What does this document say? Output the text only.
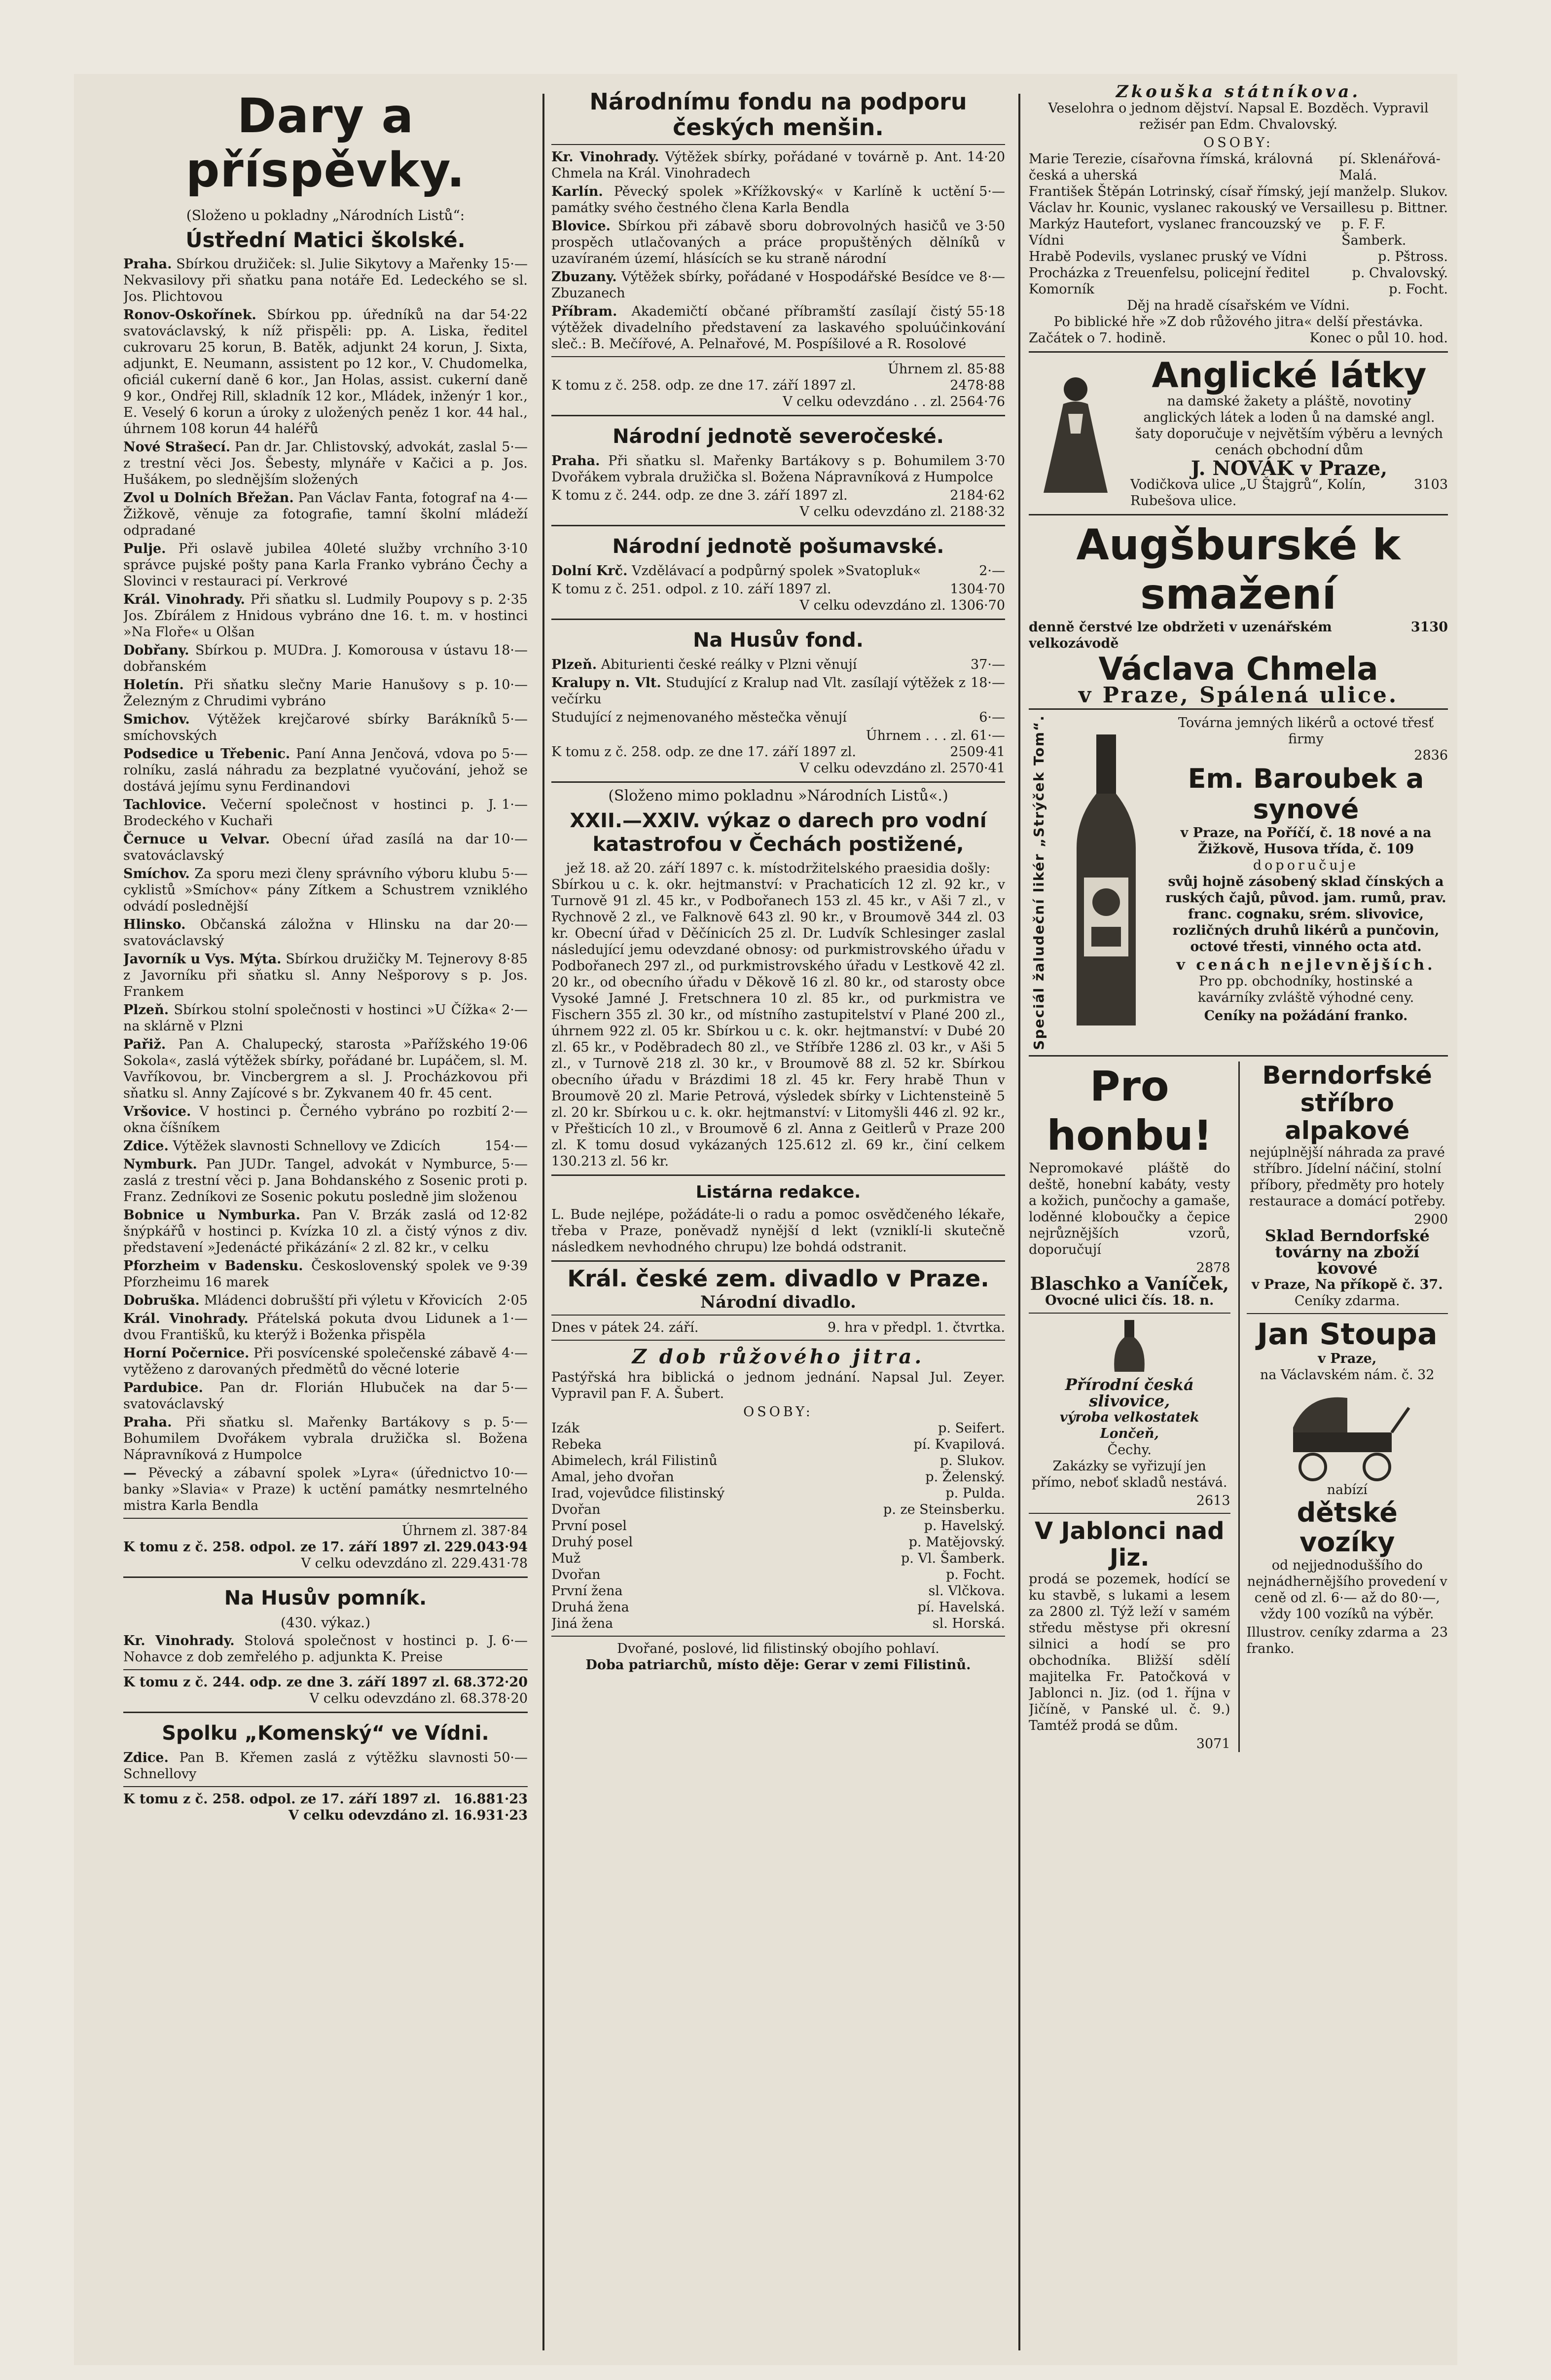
Dary a příspěvky.
(Složeno u pokladny „Národních Listů“:
Ústřední Matici školské.

15·—
Praha. Sbírkou družiček: sl. Julie Sikytovy a Mařenky Nekvasilovy při sňatku pana notáře Ed. Ledeckého se sl. Jos. Plichtovou

54·22
Ronov-Oskořínek. Sbírkou pp. úředníků na dar svatováclavský, k níž přispěli: pp. A. Liska, ředitel cukrovaru 25 korun, B. Batěk, adjunkt 24 korun, J. Sixta, adjunkt, E. Neumann, assistent po 12 kor., V. Chudomelka, oficiál cukerní daně 6 kor., Jan Holas, assist. cukerní daně 9 kor., Ondřej Rill, skladník 12 kor., Mládek, inženýr 1 kor., E. Veselý 6 korun a úroky z uložených peněz 1 kor. 44 hal., úhrnem 108 korun 44 haléřů

5·—
Nové Strašecí. Pan dr. Jar. Chlistovský, advokát, zaslal z trestní věci Jos. Šebesty, mlynáře v Kačici a p. Jos. Hušákem, po slednějším složených

4·—
Zvol u Dolních Břežan. Pan Václav Fanta, fotograf na Žižkově, věnuje za fotografie, tamní školní mládeží odpradané

3·10
Pulje. Při oslavě jubilea 40leté služby vrchního správce pujské pošty pana Karla Franko vybráno Čechy a Slovinci v restauraci pí. Verkrové

2·35
Král. Vinohrady. Při sňatku sl. Ludmily Poupovy s p. Jos. Zbírálem z Hnidous vybráno dne 16. t. m. v hostinci »Na Floře« u Olšan

18·—
Dobřany. Sbírkou p. MUDra. J. Komorousa v ústavu dobřanském

10·—
Holetín. Při sňatku slečny Marie Hanušovy s p. Železným z Chrudimi vybráno

5·—
Smichov. Výtěžek krejčarové sbírky Barákníků smíchovských

5·—
Podsedice u Třebenic. Paní Anna Jenčová, vdova po rolníku, zaslá náhradu za bezplatné vyučování, jehož se dostává jejímu synu Ferdinandovi

1·—
Tachlovice. Večerní společnost v hostinci p. J. Brodeckého v Kuchaři

10·—
Černuce u Velvar. Obecní úřad zasílá na dar svatováclavský

5·—
Smíchov. Za sporu mezi členy správního výboru klubu cyklistů »Smíchov« pány Zítkem a Schustrem vzniklého odvádí poslednější

20·—
Hlinsko. Občanská záložna v Hlinsku na dar svatováclavský

8·85
Javorník u Vys. Mýta. Sbírkou družičky M. Tejnerovy z Javorníku při sňatku sl. Anny Nešporovy s p. Jos. Frankem

2·—
Plzeň. Sbírkou stolní společnosti v hostinci »U Čížka« na sklárně v Plzni

19·06
Pařiž. Pan A. Chalupecký, starosta »Pařížského Sokola«, zaslá výtěžek sbírky, pořádané br. Lupáčem, sl. M. Vavříkovou, br. Vincbergrem a sl. J. Procházkovou při sňatku sl. Anny Zajícové s br. Zykvanem 40 fr. 45 cent.

2·—
Vršovice. V hostinci p. Černého vybráno po rozbití okna číšníkem

154·—
Zdice. Výtěžek slavnosti Schnellovy ve Zdicích

5·—
Nymburk. Pan JUDr. Tangel, advokát v Nymburce, zaslá z trestní věci p. Jana Bohdanského z Sosenic proti p. Franz. Zedníkovi ze Sosenic pokutu posledně jim složenou

12·82
Bobnice u Nymburka. Pan V. Brzák zaslá od šnýpkářů v hostinci p. Kvízka 10 zl. a čistý výnos z div. představení »Jedenácté přikázání« 2 zl. 82 kr., v celku

9·39
Pforzheim v Badensku. Československý spolek ve Pforzheimu 16 marek

2·05
Dobruška. Mládenci dobrušští při výletu v Křovicích

1·—
Král. Vinohrady. Přátelská pokuta dvou Lidunek a dvou Františků, ku kterýž i Boženka přispěla

4·—
Horní Počernice. Při posvícenské společenské zábavě vytěženo z darovaných předmětů do věcné loterie

5·—
Pardubice. Pan dr. Florián Hlubuček na dar svatováclavský

5·—
Praha. Při sňatku sl. Mařenky Bartákovy s p. Bohumilem Dvořákem vybrala družička sl. Božena Nápravníková z Humpolce

10·—
— Pěvecký a zábavní spolek »Lyra« (úřednictvo banky »Slavia« v Praze) k uctění památky nesmrtelného mistra Karla Bendla

Úhrnem zl. 387·84
K tomu z č. 258. odpol. ze 17. září 1897 zl. 229.043·94
V celku odevzdáno zl. 229.431·78
Na Husův pomník.
(430. výkaz.)

6·—
Kr. Vinohrady. Stolová společnost v hostinci p. J. Nohavce z dob zemřelého p. adjunkta K. Preise

K tomu z č. 244. odp. ze dne 3. září 1897 zl. 68.372·20
V celku odevzdáno zl. 68.378·20
Spolku „Komenský“ ve Vídni.

50·—
Zdice. Pan B. Křemen zaslá z výtěžku slavnosti Schnellovy

K tomu z č. 258. odpol. ze 17. září 1897 zl. 16.881·23
V celku odevzdáno zl. 16.931·23
Národnímu fondu na podporu českých menšin.

14·20
Kr. Vinohrady. Výtěžek sbírky, pořádané v továrně p. Ant. Chmela na Král. Vinohradech

5·—
Karlín. Pěvecký spolek »Křížkovský« v Karlíně k uctění památky svého čestného člena Karla Bendla

3·50
Blovice. Sbírkou při zábavě sboru dobrovolných hasičů ve prospěch utlačovaných a práce propuštěných dělníků v uzavíraném území, hlásících se ku straně národní

8·—
Zbuzany. Výtěžek sbírky, pořádané v Hospodářské Besídce ve Zbuzanech

55·18
Příbram. Akademičtí občané příbramští zasílají čistý výtěžek divadelního představení za laskavého spoluúčinkování sleč.: B. Mečířové, A. Pelnařové, M. Pospíšilové a R. Rosolové

Úhrnem zl. 85·88
K tomu z č. 258. odp. ze dne 17. září 1897 zl.	2478·88
V celku odevzdáno . . zl. 2564·76
Národní jednotě severočeské.

3·70
Praha. Při sňatku sl. Mařenky Bartákovy s p. Bohumilem Dvořákem vybrala družička sl. Božena Nápravníková z Humpolce

K tomu z č. 244. odp. ze dne 3. září 1897 zl.	2184·62
V celku odevzdáno zl. 2188·32
Národní jednotě pošumavské.

2·—
Dolní Krč. Vzdělávací a podpůrný spolek »Svatopluk«

K tomu z č. 251. odpol. z 10. září 1897 zl.	1304·70
V celku odevzdáno zl. 1306·70
Na Husův fond.

37·—
Plzeň. Abiturienti české reálky v Plzni věnují

18·—
Kralupy n. Vlt. Studující z Kralup nad Vlt. zasílají výtěžek z večírku

6·—
Studující z nejmenovaného městečka věnují

Úhrnem . . . zl. 61·—
K tomu z č. 258. odp. ze dne 17. září 1897 zl.	2509·41
V celku odevzdáno zl. 2570·41
(Složeno mimo pokladnu »Národních Listů«.)
XXII.—XXIV. výkaz o darech pro vodní katastrofou v Čechách postižené,
jež 18. až 20. září 1897 c. k. místodržitelského praesidia došly:

Sbírkou u c. k. okr. hejtmanství: v Prachaticích 12 zl. 92 kr., v Turnově 91 zl. 45 kr., v Podbořanech 153 zl. 45 kr., v Aši 7 zl., v Rychnově 2 zl., ve Falknově 643 zl. 90 kr., v Broumově 344 zl. 03 kr. Obecní úřad v Děčínicích 25 zl. Dr. Ludvík Schlesinger zaslal následující jemu odevzdané obnosy: od purkmistrovského úřadu v Podbořanech 297 zl., od purkmistrovského úřadu v Lestkově 42 zl. 20 kr., od obecního úřadu v Děkově 16 zl. 80 kr., od starosty obce Vysoké Jamné J. Fretschnera 10 zl. 85 kr., od purkmistra ve Fischern 355 zl. 30 kr., od místního zastupitelství v Plané 200 zl., úhrnem 922 zl. 05 kr. Sbírkou u c. k. okr. hejtmanství: v Dubé 20 zl. 65 kr., v Poděbradech 80 zl., ve Stříbře 1286 zl. 03 kr., v Aši 5 zl., v Turnově 218 zl. 30 kr., v Broumově 88 zl. 52 kr. Sbírkou obecního úřadu v Brázdimi 18 zl. 45 kr. Fery hrabě Thun v Broumově 20 zl. Marie Petrová, výsledek sbírky v Lichtensteině 5 zl. 20 kr. Sbírkou u c. k. okr. hejtmanství: v Litomyšli 446 zl. 92 kr., v Přešticích 10 zl., v Broumově 6 zl. Anna z Geitlerů v Praze 200 zl. K tomu dosud vykázaných 125.612 zl. 69 kr., činí celkem 130.213 zl. 56 kr.

Listárna redakce.

L. Bude nejlépe, požádáte-li o radu a pomoc osvědčeného lékaře, třeba v Praze, poněvadž nynější d lekt (vzniklí-li skutečně následkem nevhodného chrupu) lze bohdá odstranit.

Král. české zem. divadlo v Praze.
Národní divadlo.
Dnes v pátek 24. září.	9. hra v předpl. 1. čtvrtka.
Z dob růžového jitra.

Pastýřská hra biblická o jednom jednání. Napsal Jul. Zeyer. Vypravil pan F. A. Šubert.

OSOBY:
Izák	p. Seifert.
Rebeka	pí. Kvapilová.
Abimelech, král Filistinů	p. Slukov.
Amal, jeho dvořan	p. Želenský.
Irad, vojevůdce filistinský	p. Pulda.
Dvořan	p. ze Steinsberku.
První posel	p. Havelský.
Druhý posel	p. Matějovský.
Muž	p. Vl. Šamberk.
Dvořan	p. Focht.
První žena	sl. Vlčkova.
Druhá žena	pí. Havelská.
Jiná žena	sl. Horská.
Dvořané, poslové, lid filistinský obojího pohlaví.
Doba patriarchů, místo děje: Gerar v zemi Filistinů.
Zkouška státníkova.

Veselohra o jednom dějství. Napsal E. Bozděch. Vypravil režisér pan Edm. Chvalovský.

OSOBY:
Marie Terezie, císařovna římská, královná česká a uherská
pí. Sklenářová-Malá.
František Štěpán Lotrinský, císař římský, její manžel p. Slukov.
Václav hr. Kounic, vyslanec rakouský ve Versaillesu p. Bittner.
Markýz Hautefort, vyslanec francouzský ve Vídni
p. F. F. Šamberk.
Hrabě Podevils, vyslanec pruský ve Vídni	p. Pštross.
Procházka z Treuenfelsu, policejní ředitel	p. Chvalovský.
Komorník	p. Focht.
Děj na hradě císařském ve Vídni.
Po biblické hře »Z dob růžového jitra« delší přestávka.
Začátek o 7. hodině.	Konec o půl 10. hod.
Anglické látky

na damské žakety a pláště, novotiny anglických látek a loden ů na damské angl. šaty doporučuje v největším výběru a levných cenách obchodní dům

J. NOVÁK v Praze,
Vodičkova ulice „U Štajgrů“, Kolín, Rubešova ulice.
3103
Augšburské k smažení
denně čerstvé lze obdržeti v uzenářském velkozávodě
3130
Václava Chmela
v Praze, Spálená ulice.
Speciál žaludeční likér „Strýček Tom“.	Továrna jemných likérů a octové třesť firmy
2836
Em. Baroubek a synové
v Praze, na Poříčí, č. 18 nové a na Žižkově, Husova třída, č. 109
doporučuje

svůj hojně zásobený sklad čínských a ruských čajů, původ. jam. rumů, prav. franc. cognaku, srém. slivovice, rozličných druhů likérů a punčovin, octové třesti, vinného octa atd.

v cenách nejlevnějších.

Pro pp. obchodníky, hostinské a kavárníky zvláště výhodné ceny.

Ceníky na požádání franko.
Pro honbu!

Nepromokavé pláště do deště, honební kabáty, vesty a kožich, punčochy a gamaše, loděnné kloboučky a čepice nejrůznějších vzorů, doporučují

2878
Blaschko a Vaníček,
Ovocné ulici čís. 18. n.
Přírodní česká slivovice,
výroba velkostatek Lončeň,
Čechy.

Zakázky se vyřizují jen přímo, neboť skladů nestává.

2613
V Jablonci nad Jiz.

prodá se pozemek, hodící se ku stavbě, s lukami a lesem za 2800 zl. Týž leží v samém středu městyse při okresní silnici a hodí se pro obchodníka. Bližší sdělí majitelka Fr. Patočková v Jablonci n. Jiz. (od 1. října v Jičíně, v Panské ul. č. 9.) Tamtéž prodá se dům.

3071
Berndorfské stříbro alpakové

nejúplnější náhrada za pravé stříbro. Jídelní náčiní, stolní příbory, předměty pro hotely restaurace a domácí potřeby.

2900
Sklad Berndorfské továrny na zboží kovové
v Praze, Na příkopě č. 37.
Ceníky zdarma.
Jan Stoupa
v Praze,
na Václavském nám. č. 32
nabízí
dětské vozíky

od nejjednoduššího do nejnádhernějšího provedení v ceně od zl. 6·— až do 80·—, vždy 100 vozíků na výběr.

Illustrov. ceníky zdarma a franko.
23
